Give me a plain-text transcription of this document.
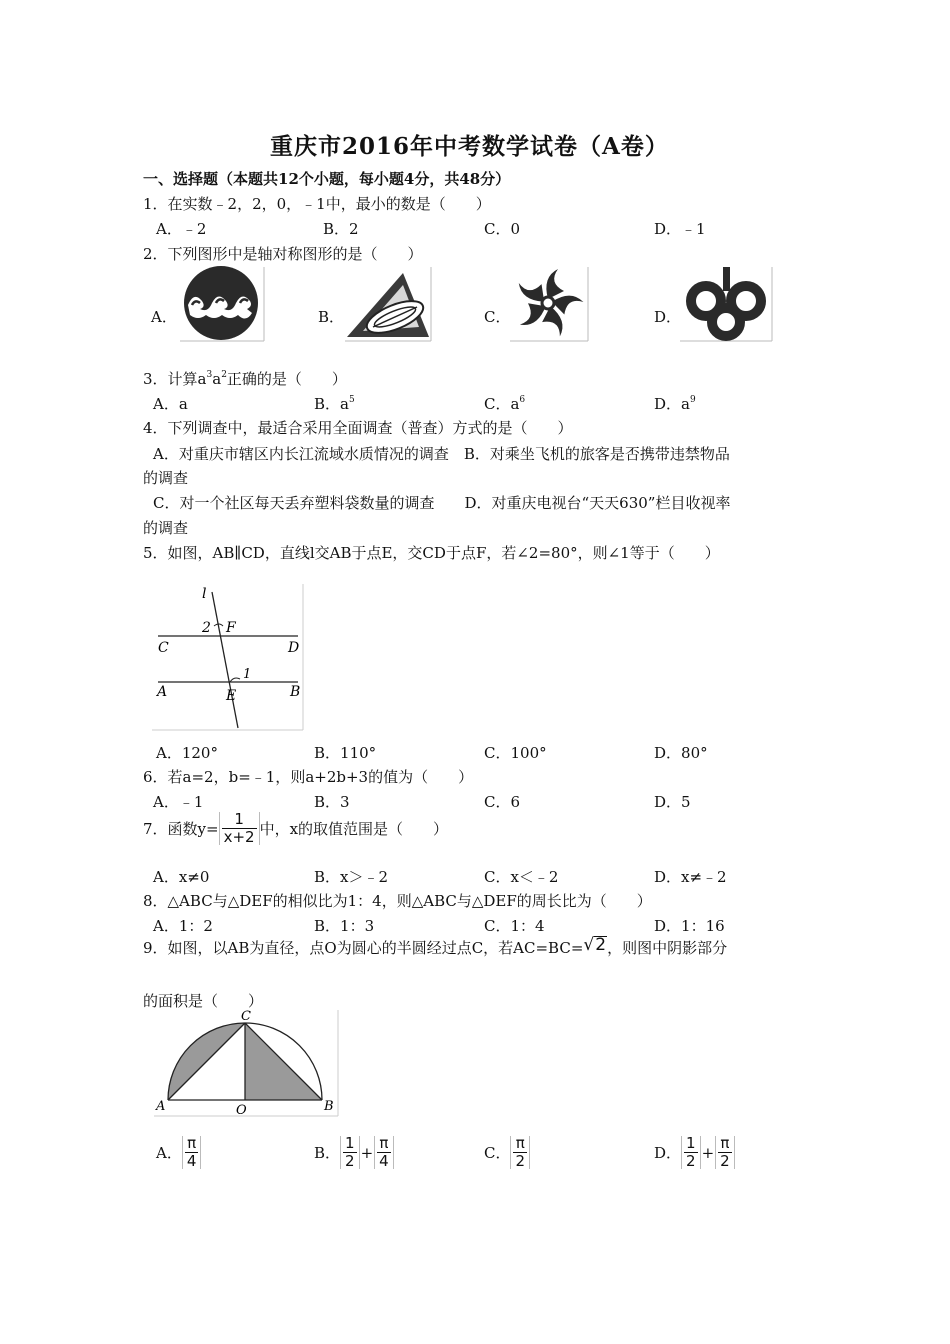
重庆市2016年中考数学试卷（A卷）
一、选择题（本题共12个小题，每小题4分，共48分）
1．在实数﹣2，2，0，﹣1中，最小的数是（　　）
A．﹣2	B．2	C．0	D．﹣1
2．下列图形中是轴对称图形的是（　　）
A．	B．	C．	D．
3．计算$a^3a^2$正确的是（　　）
A．a	B．$a^5$	C．$a^6$	D．$a^9$
4．下列调查中，最适合采用全面调查（普查）方式的是（　　）
A．对重庆市辖区内长江流域水质情况的调查　B．对乘坐飞机的旅客是否携带违禁物品
的调查
C．对一个社区每天丢弃塑料袋数量的调查　　D．对重庆电视台“天天630”栏目收视率
的调查
5．如图，AB∥CD，直线l交AB于点E，交CD于点F，若∠2=80°，则∠1等于（　　）
l
2 F
C	D
1
A	E	B
A．120°	B．110°	C．100°	D．80°
6．若a=2，b=﹣1，则a+2b+3的值为（　　）
A．﹣1	B．3	C．6	D．5
7．函数$y= \frac{1}{x+2}$ 中，x的取值范围是（　　）
A．x≠0	B．x＞﹣2	C．x＜﹣2	D．x≠﹣2
8．△ABC与△DEF的相似比为1：4，则△ABC与△DEF的周长比为（　　）
A．1：2	B．1：3	C．1：4	D．1：16
9．如图，以AB为直径，点O为圆心的半圆经过点C，若AC=BC= √ 2 ，则图中阴影部分
的面积是（　　）
C
A	O	B
A． $\frac{\pi}{4}$	B． $\frac{1}{2} + \frac{\pi}{4}$	C． $\frac{\pi}{2}$	D． $\frac{1}{2} + \frac{\pi}{2}$
